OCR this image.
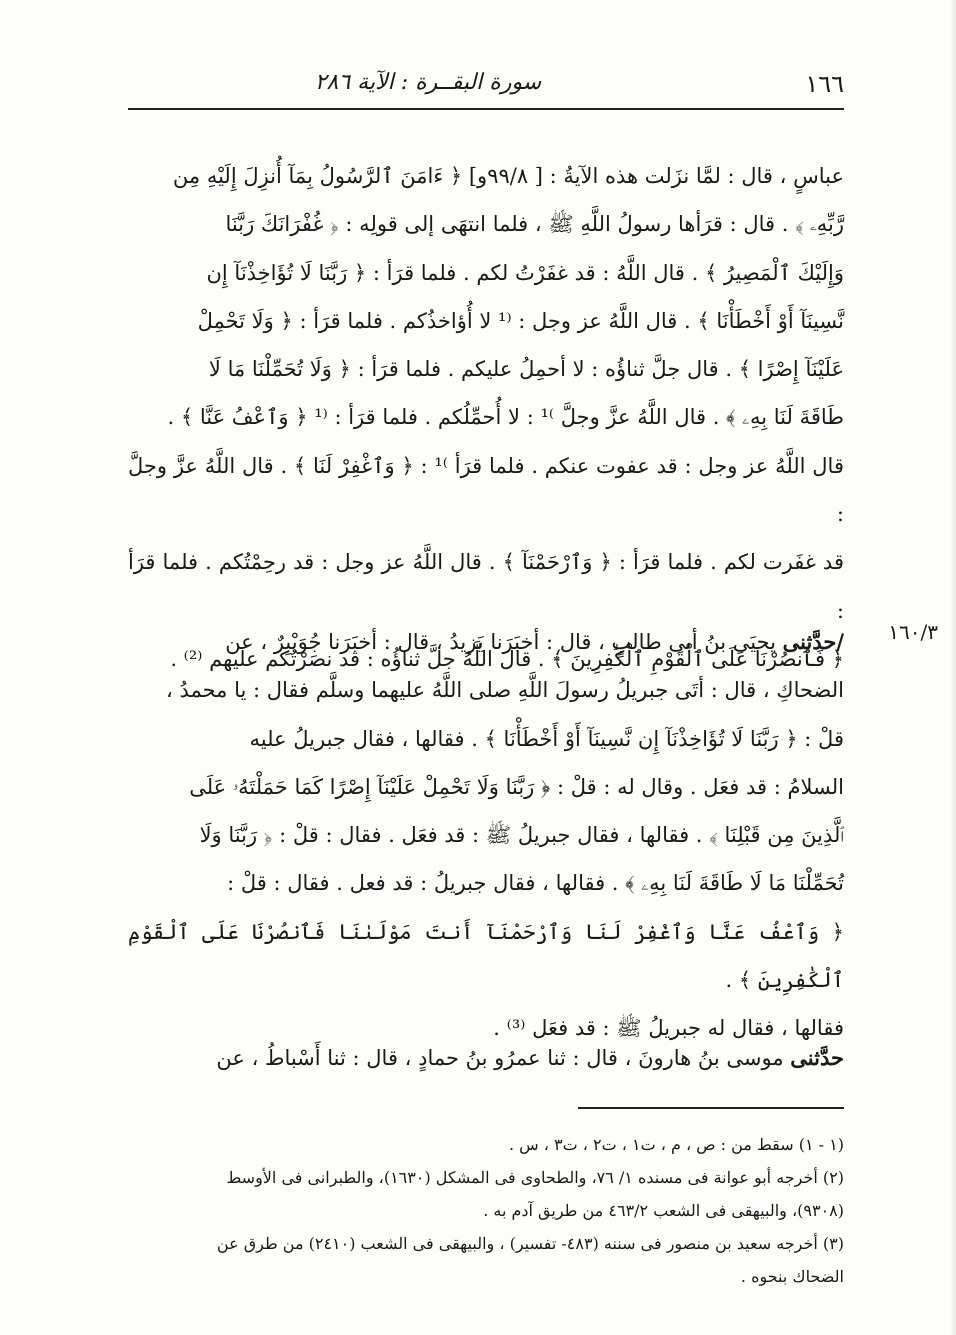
١٦٦
سورة البقــرة : الآية ٢٨٦

عباسٍ ، قال : لمَّا نزَلت هذه الآيةُ : [ ٩٩/٨و] ﴿ ءَامَنَ ٱلرَّسُولُ بِمَآ أُنزِلَ إِلَيْهِ مِن

رَّبِّهِۦ ﴾ . قال : قرَأها رسولُ اللَّهِ ﷺ ، فلما انتهَى إلى قولِه : ﴿ غُفْرَانَكَ رَبَّنَا

وَإِلَيْكَ ٱلْمَصِيرُ ﴾ . قال اللَّهُ : قد غفَرْتُ لكم . فلما قرَأ : ﴿ رَبَّنَا لَا تُؤَاخِذْنَآ إِن

نَّسِينَآ أَوْ أَخْطَأْنَا ﴾ . قال اللَّهُ عز وجل : ⁽¹ لا أُؤاخذُكم . فلما قرَأ : ﴿ وَلَا تَحْمِلْ

عَلَيْنَآ إِصْرًا ﴾ . قال جلَّ ثناؤُه : لا أحمِلُ عليكم . فلما قرَأ : ﴿ وَلَا تُحَمِّلْنَا مَا لَا

طَاقَةَ لَنَا بِهِۦ ﴾ . قال اللَّهُ عزَّ وجلَّ ⁾¹ : لا أُحمِّلُكم . فلما قرَأ : ⁽¹ ﴿ وَٱعْفُ عَنَّا ﴾ .

قال اللَّهُ عز وجل : قد عفوت عنكم . فلما قرَأ ⁾¹ : ﴿ وَٱغْفِرْ لَنَا ﴾ . قال اللَّهُ عزَّ وجلَّ :

قد غفَرت لكم . فلما قرَأ : ﴿ وَٱرْحَمْنَآ ﴾ . قال اللَّهُ عز وجل : قد رحِمْتُكم . فلما قرَأ :

﴿ فَٱنصُرْنَا عَلَى ٱلْقَوْمِ ٱلْكَٰفِرِينَ ﴾ . قال اللَّهُ جلَّ ثناؤُه : قد نصَرْتُكم عليهم ⁽²⁾ .

/حدَّثنى يحيَى بنُ أبى طالبٍ ، قال : أخبَرَنا يَزيدُ ، قال : أخبَرَنا جُوَيْبِرٌ ، عن

الضحاكِ ، قال : أتَى جبريلُ رسولَ اللَّهِ صلى اللَّهُ عليهما وسلَّم فقال : يا محمدُ ،

قلْ : ﴿ رَبَّنَا لَا تُؤَاخِذْنَآ إِن نَّسِينَآ أَوْ أَخْطَأْنَا ﴾ . فقالها ، فقال جبريلُ عليه

السلامُ : قد فعَل . وقال له : قلْ : ﴿ رَبَّنَا وَلَا تَحْمِلْ عَلَيْنَآ إِصْرًا كَمَا حَمَلْتَهُۥ عَلَى

ٱلَّذِينَ مِن قَبْلِنَا ﴾ . فقالها ، فقال جبريلُ ﷺ : قد فعَل . فقال : قلْ : ﴿ رَبَّنَا وَلَا

تُحَمِّلْنَا مَا لَا طَاقَةَ لَنَا بِهِۦ ﴾ . فقالها ، فقال جبريلُ : قد فعل . فقال : قلْ :

﴿ وَٱعْفُ عَنَّا وَٱغْفِرْ لَنَا وَٱرْحَمْنَآ أَنتَ مَوْلَىٰنَا فَٱنصُرْنَا عَلَى ٱلْقَوْمِ ٱلْكَٰفِرِينَ ﴾ .

فقالها ، فقال له جبريلُ ﷺ : قد فعَل ⁽³⁾ .

حدَّثنى موسى بنُ هارونَ ، قال : ثنا عمرُو بنُ حمادٍ ، قال : ثنا أَسْباطُ ، عن

١٦٠/٣

(١ - ١) سقط من : ص ، م ، ت١ ، ت٢ ، ت٣ ، س .

(٢) أخرجه أبو عوانة فى مسنده ١/ ٧٦، والطحاوى فى المشكل (١٦٣٠)، والطبرانى فى الأوسط

(٩٣٠٨)، والبيهقى فى الشعب ٤٦٣/٢ من طريق آدم به .

(٣) أخرجه سعيد بن منصور فى سننه (٤٨٣- تفسير) ، والبيهقى فى الشعب (٢٤١٠) من طرق عن

الضحاك بنحوه .
